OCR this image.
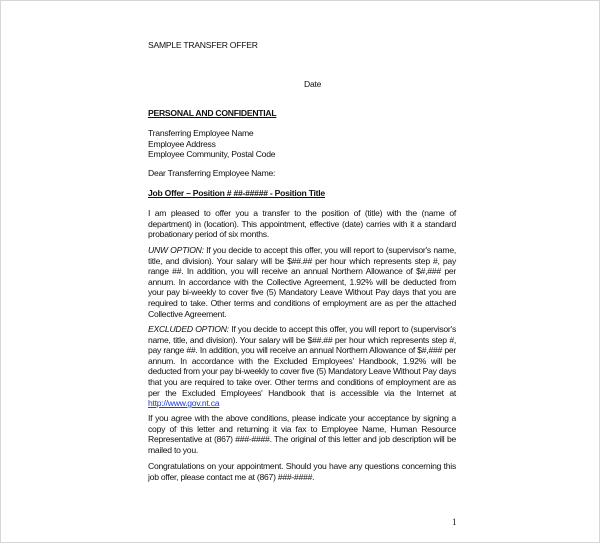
SAMPLE TRANSFER OFFER
Date
PERSONAL AND CONFIDENTIAL
Transferring Employee Name
Employee Address
Employee Community, Postal Code
Dear Transferring Employee Name:
Job Offer – Position # ##-##### - Position Title
I am pleased to offer you a transfer to the position of (title) with the (name of department) in (location). This appointment, effective (date) carries with it a standard probationary period of six months.
UNW OPTION: If you decide to accept this offer, you will report to (supervisor's name, title, and division). Your salary will be $##.## per hour which represents step #, pay range ##. In addition, you will receive an annual Northern Allowance of $#,### per annum. In accordance with the Collective Agreement, 1.92% will be deducted from your pay bi-weekly to cover five (5) Mandatory Leave Without Pay days that you are required to take. Other terms and conditions of employment are as per the attached Collective Agreement.
EXCLUDED OPTION: If you decide to accept this offer, you will report to (supervisor's name, title, and division). Your salary will be $##.## per hour which represents step #, pay range ##. In addition, you will receive an annual Northern Allowance of $#,### per annum. In accordance with the Excluded Employees' Handbook, 1.92% will be deducted from your pay bi-weekly to cover five (5) Mandatory Leave Without Pay days that you are required to take over. Other terms and conditions of employment are as per the Excluded Employees' Handbook that is accessible via the Internet at http://www.gov.nt.ca
If you agree with the above conditions, please indicate your acceptance by signing a copy of this letter and returning it via fax to Employee Name, Human Resource Representative at (867) ###-####. The original of this letter and job description will be mailed to you.
Congratulations on your appointment. Should you have any questions concerning this job offer, please contact me at (867) ###-####.
1
